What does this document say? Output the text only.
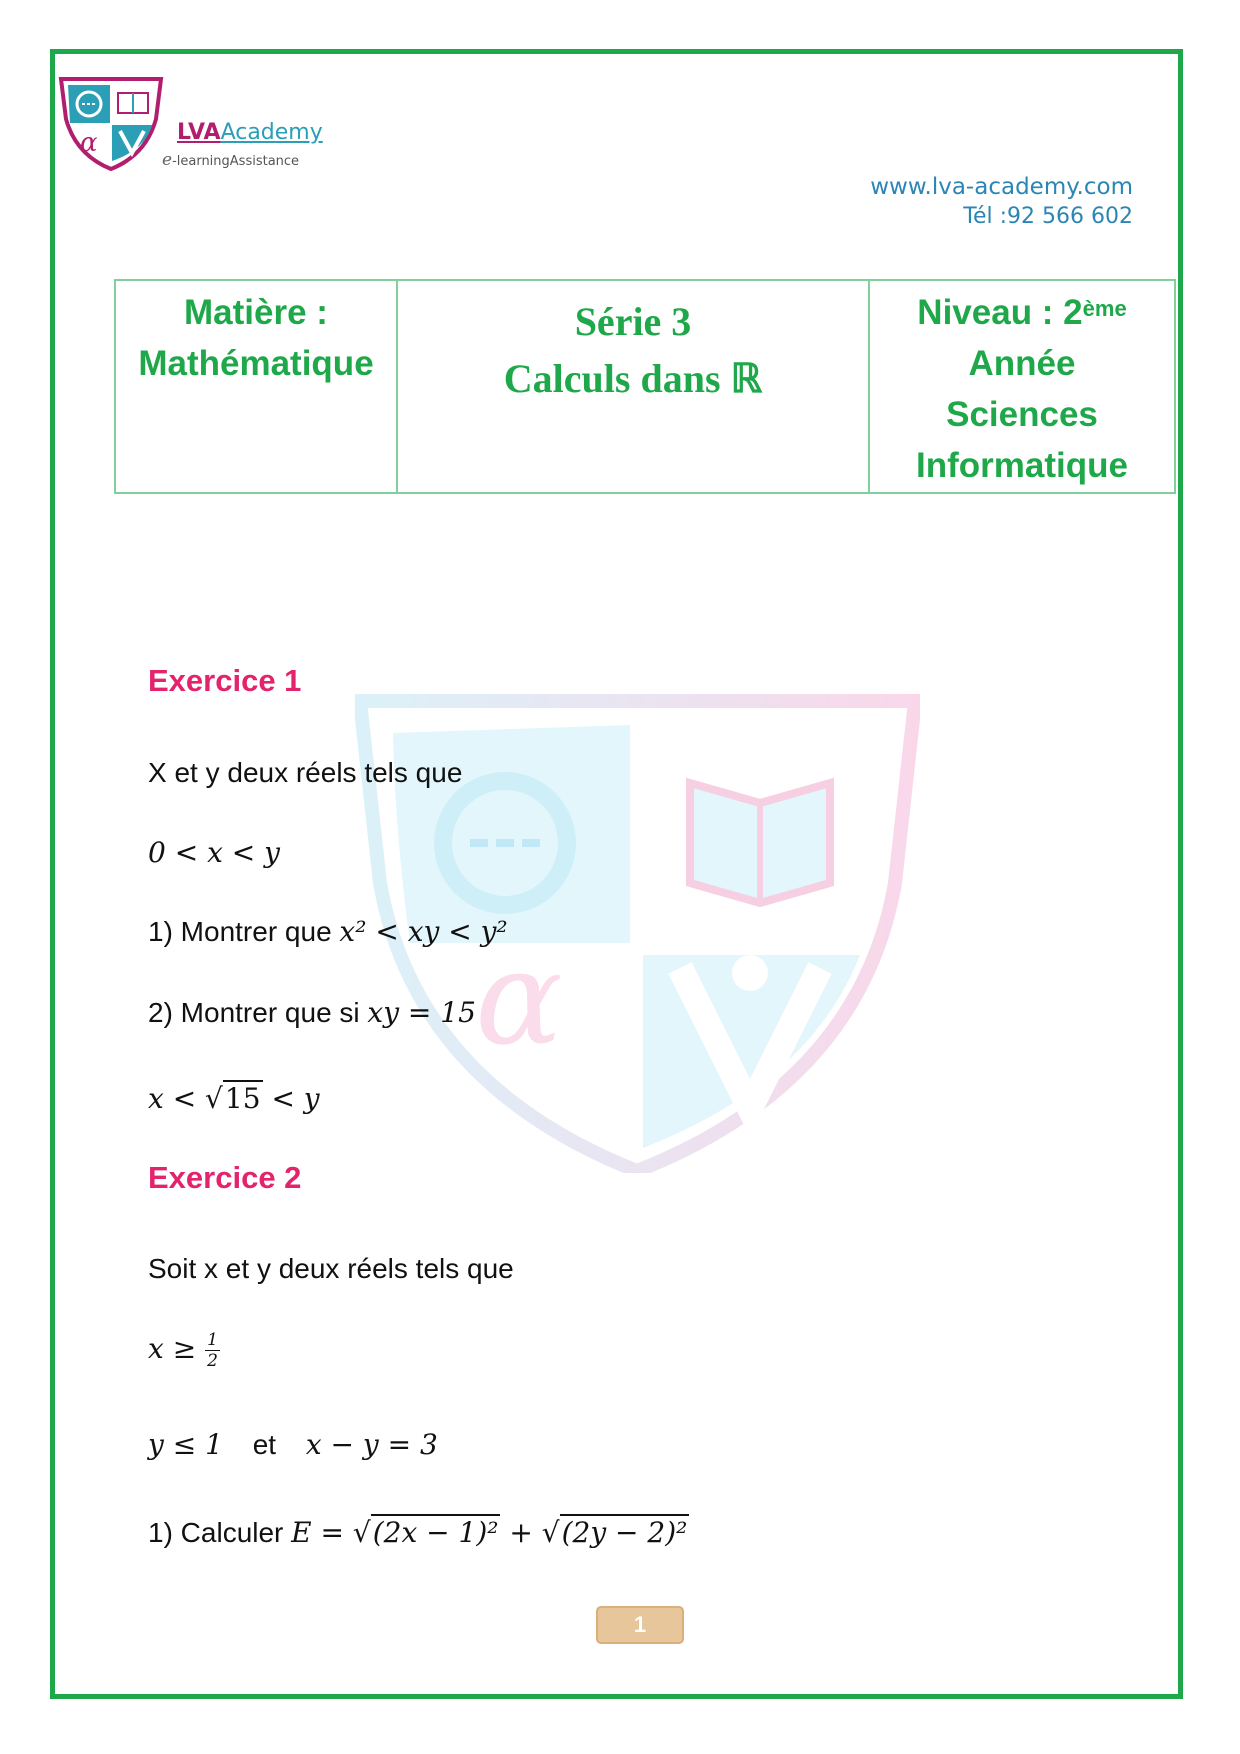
α	LVAAcademy
e-learningAssistance
www.lva-academy.com
Tél :92 566 602
Matière :
Mathématique

Série 3
Calculs dans ℝ

Niveau : 2ème
Année
Sciences
Informatique
α
Exercice 1
X et y deux réels tels que
0 < x < y
1) Montrer que x² < xy < y²
2) Montrer que si xy = 15
x < √15 < y
Exercice 2
Soit x et y deux réels tels que
$x \ge \frac{1}{2}$
y ≤ 1 et x − y = 3
1) Calculer E = √(2x − 1)² + √(2y − 2)²
1
